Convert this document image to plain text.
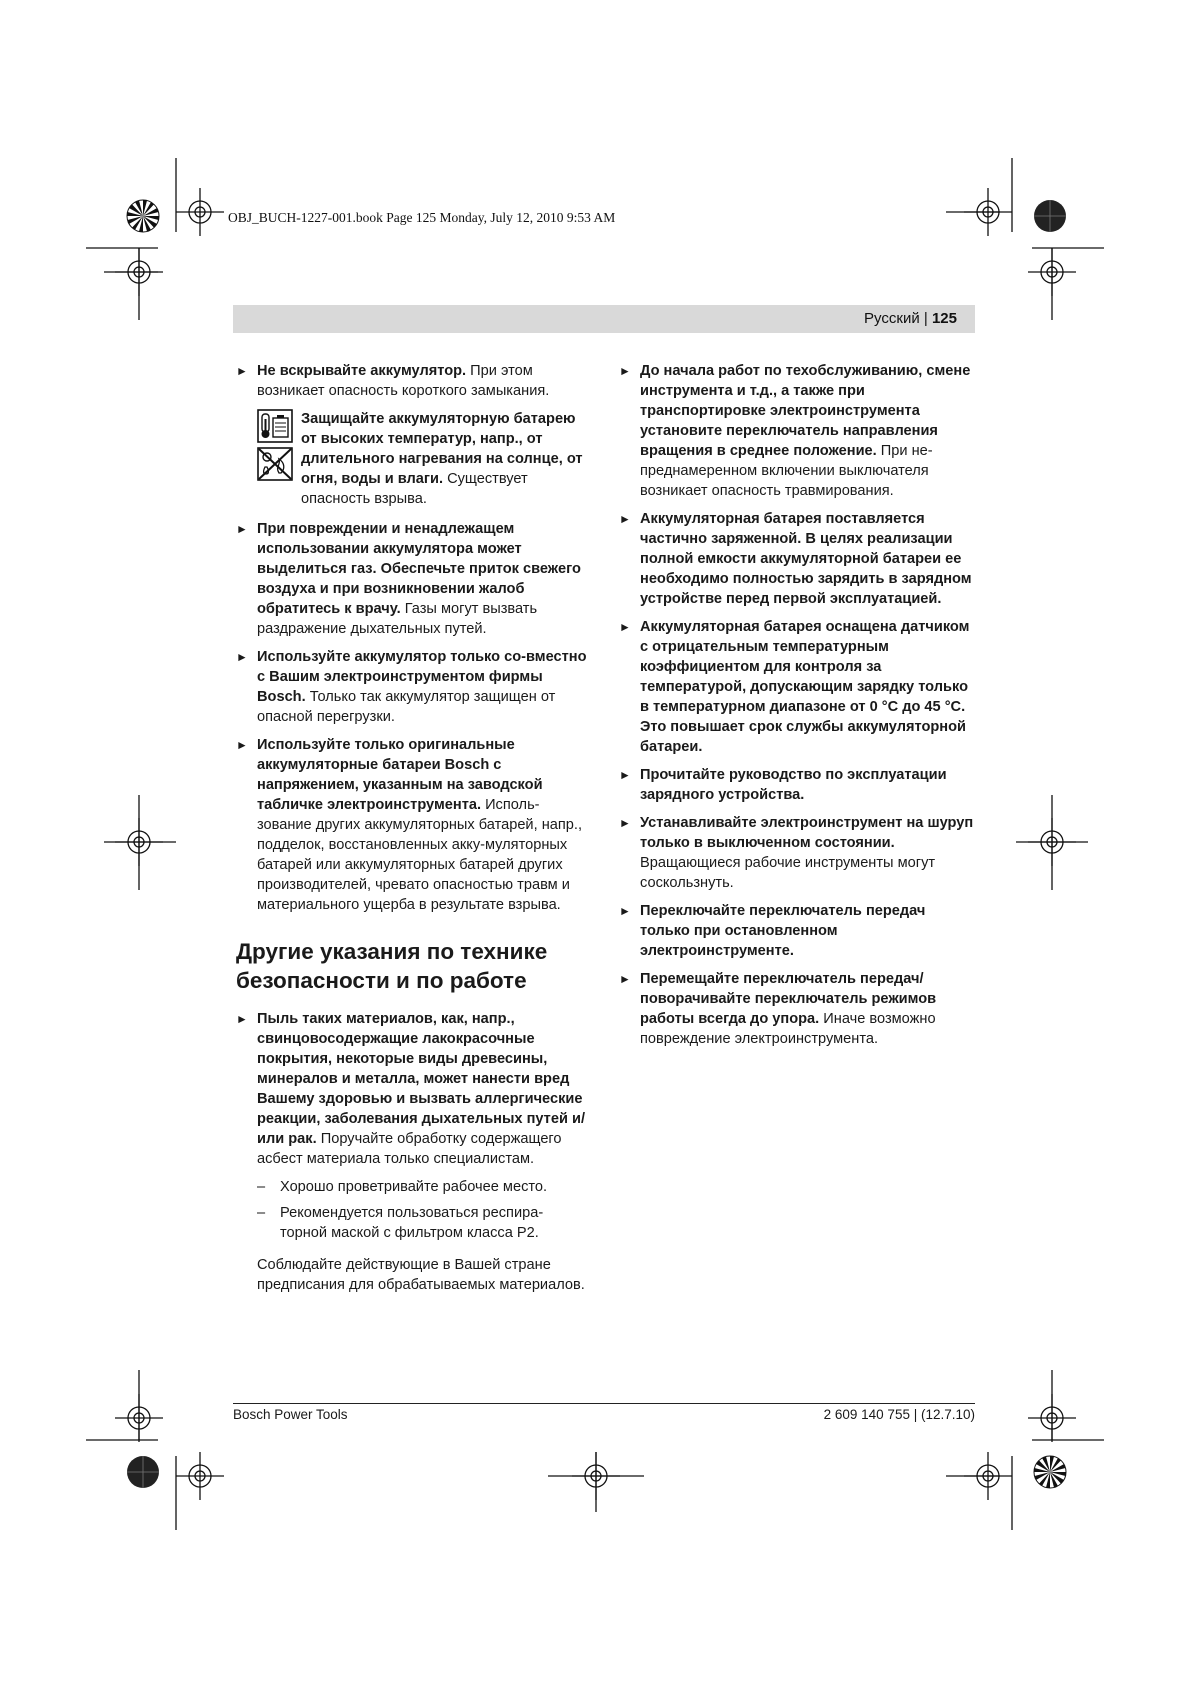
OBJ_BUCH-1227-001.book Page 125 Monday, July 12, 2010 9:53 AM
Русский | 125
► Не вскрывайте аккумулятор. При этом возникает опасность короткого замыкания.
Защищайте аккумуляторную батарею от высоких температур, напр., от длительного нагревания на солнце, от огня, воды и влаги. Существует опасность взрыва.
► При повреждении и ненадлежащем использовании аккумулятора может выделиться газ. Обеспечьте приток свежего воздуха и при возникновении жалоб обратитесь к врачу. Газы могут вызвать раздражение дыхательных путей.
► Используйте аккумулятор только со-вместно с Вашим электроинструментом фирмы Bosch. Только так аккумулятор защищен от опасной перегрузки.
► Используйте только оригинальные аккумуляторные батареи Bosch с напряжением, указанным на заводской табличке электроинструмента. Исполь-зование других аккумуляторных батарей, напр., подделок, восстановленных акку-муляторных батарей или аккумуляторных батарей других производителей, чревато опасностью травм и материального ущерба в результате взрыва.
Другие указания по технике безопасности и по работе
► Пыль таких материалов, как, напр., свинцовосодержащие лакокрасочные покрытия, некоторые виды древесины, минералов и металла, может нанести вред Вашему здоровью и вызвать аллергические реакции, заболевания дыхательных путей и/или рак. Поручайте обработку содержащего асбест материала только специалистам.
– Хорошо проветривайте рабочее место.
– Рекомендуется пользоваться респира-торной маской с фильтром класса P2.
Соблюдайте действующие в Вашей стране предписания для обрабатываемых материалов.
► До начала работ по техобслуживанию, смене инструмента и т.д., а также при транспортировке электроинструмента установите переключатель направления вращения в среднее положение. При не-преднамеренном включении выключателя возникает опасность травмирования.
► Аккумуляторная батарея поставляется частично заряженной. В целях реализации полной емкости аккумуляторной батареи ее необходимо полностью зарядить в зарядном устройстве перед первой эксплуатацией.
► Аккумуляторная батарея оснащена датчиком с отрицательным температурным коэффициентом для контроля за температурой, допускающим зарядку только в температурном диапазоне от 0 °C до 45 °C. Это повышает срок службы аккумуляторной батареи.
► Прочитайте руководство по эксплуатации зарядного устройства.
► Устанавливайте электроинструмент на шуруп только в выключенном состоянии. Вращающиеся рабочие инструменты могут соскользнуть.
► Переключайте переключатель передач только при остановленном электроинструменте.
► Перемещайте переключатель передач/поворачивайте переключатель режимов работы всегда до упора. Иначе возможно повреждение электроинструмента.
Bosch Power Tools	2 609 140 755 | (12.7.10)
